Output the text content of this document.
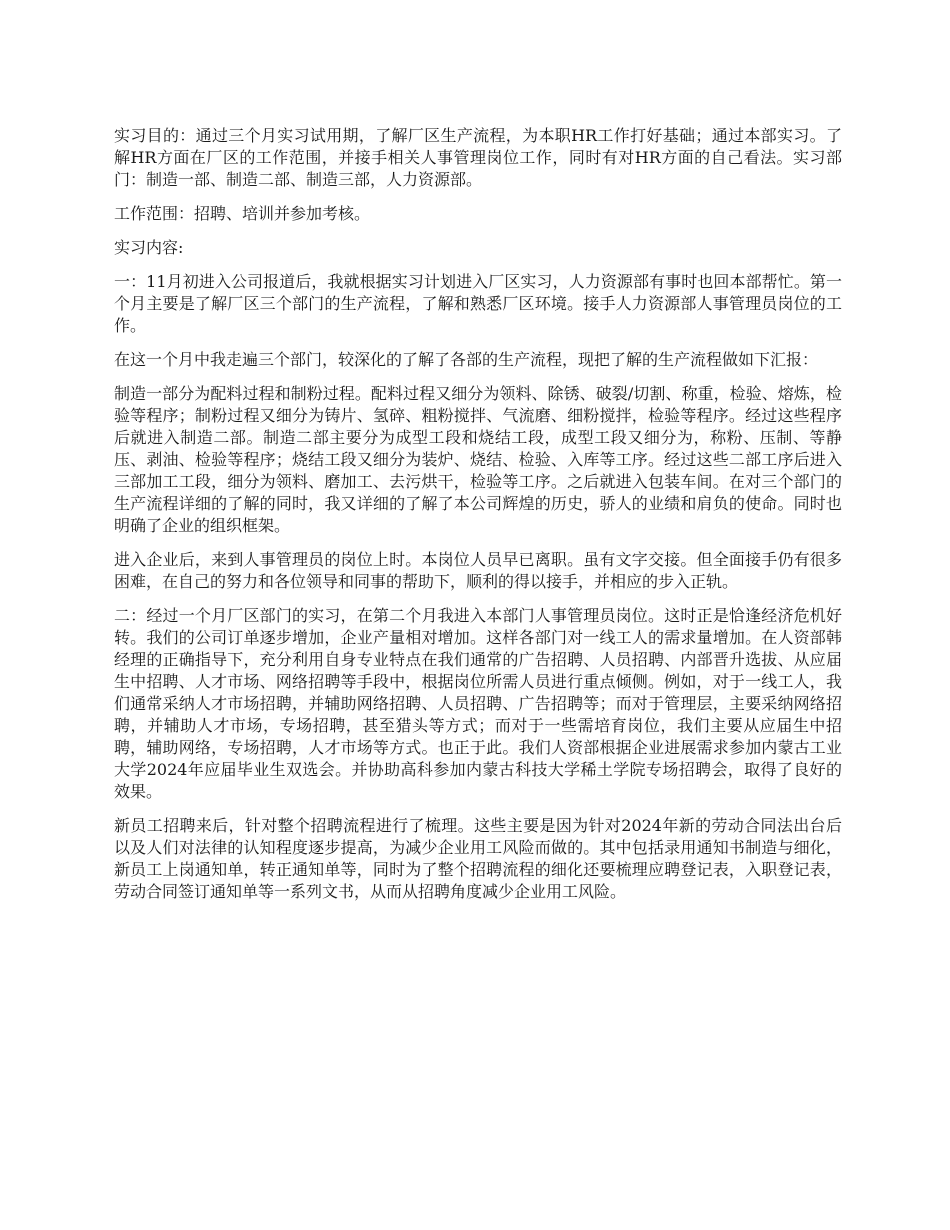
实习目的：通过三个月实习试用期，了解厂区生产流程，为本职HR工作打好基础；通过本部实习。了解HR方面在厂区的工作范围，并接手相关人事管理岗位工作，同时有对HR方面的自己看法。实习部门：制造一部、制造二部、制造三部，人力资源部。

工作范围：招聘、培训并参加考核。

实习内容:

一：11月初进入公司报道后，我就根据实习计划进入厂区实习，人力资源部有事时也回本部帮忙。第一个月主要是了解厂区三个部门的生产流程，了解和熟悉厂区环境。接手人力资源部人事管理员岗位的工作。

在这一个月中我走遍三个部门，较深化的了解了各部的生产流程，现把了解的生产流程做如下汇报：

制造一部分为配料过程和制粉过程。配料过程又细分为领料、除锈、破裂/切割、称重，检验、熔炼，检验等程序；制粉过程又细分为铸片、氢碎、粗粉搅拌、气流磨、细粉搅拌，检验等程序。经过这些程序后就进入制造二部。制造二部主要分为成型工段和烧结工段，成型工段又细分为，称粉、压制、等静压、剥油、检验等程序；烧结工段又细分为装炉、烧结、检验、入库等工序。经过这些二部工序后进入三部加工工段，细分为领料、磨加工、去污烘干，检验等工序。之后就进入包装车间。在对三个部门的生产流程详细的了解的同时，我又详细的了解了本公司辉煌的历史，骄人的业绩和肩负的使命。同时也明确了企业的组织框架。

进入企业后，来到人事管理员的岗位上时。本岗位人员早已离职。虽有文字交接。但全面接手仍有很多困难，在自己的努力和各位领导和同事的帮助下，顺利的得以接手，并相应的步入正轨。

二：经过一个月厂区部门的实习，在第二个月我进入本部门人事管理员岗位。这时正是恰逢经济危机好转。我们的公司订单逐步增加，企业产量相对增加。这样各部门对一线工人的需求量增加。在人资部韩经理的正确指导下，充分利用自身专业特点在我们通常的广告招聘、人员招聘、内部晋升选拔、从应届生中招聘、人才市场、网络招聘等手段中，根据岗位所需人员进行重点倾侧。例如，对于一线工人，我们通常采纳人才市场招聘，并辅助网络招聘、人员招聘、广告招聘等；而对于管理层，主要采纳网络招聘，并辅助人才市场，专场招聘，甚至猎头等方式；而对于一些需培育岗位，我们主要从应届生中招聘，辅助网络，专场招聘，人才市场等方式。也正于此。我们人资部根据企业进展需求参加内蒙古工业大学2024年应届毕业生双选会。并协助高科参加内蒙古科技大学稀土学院专场招聘会，取得了良好的效果。

新员工招聘来后，针对整个招聘流程进行了梳理。这些主要是因为针对2024年新的劳动合同法出台后以及人们对法律的认知程度逐步提高，为减少企业用工风险而做的。其中包括录用通知书制造与细化，新员工上岗通知单，转正通知单等，同时为了整个招聘流程的细化还要梳理应聘登记表，入职登记表，劳动合同签订通知单等一系列文书，从而从招聘角度减少企业用工风险。
